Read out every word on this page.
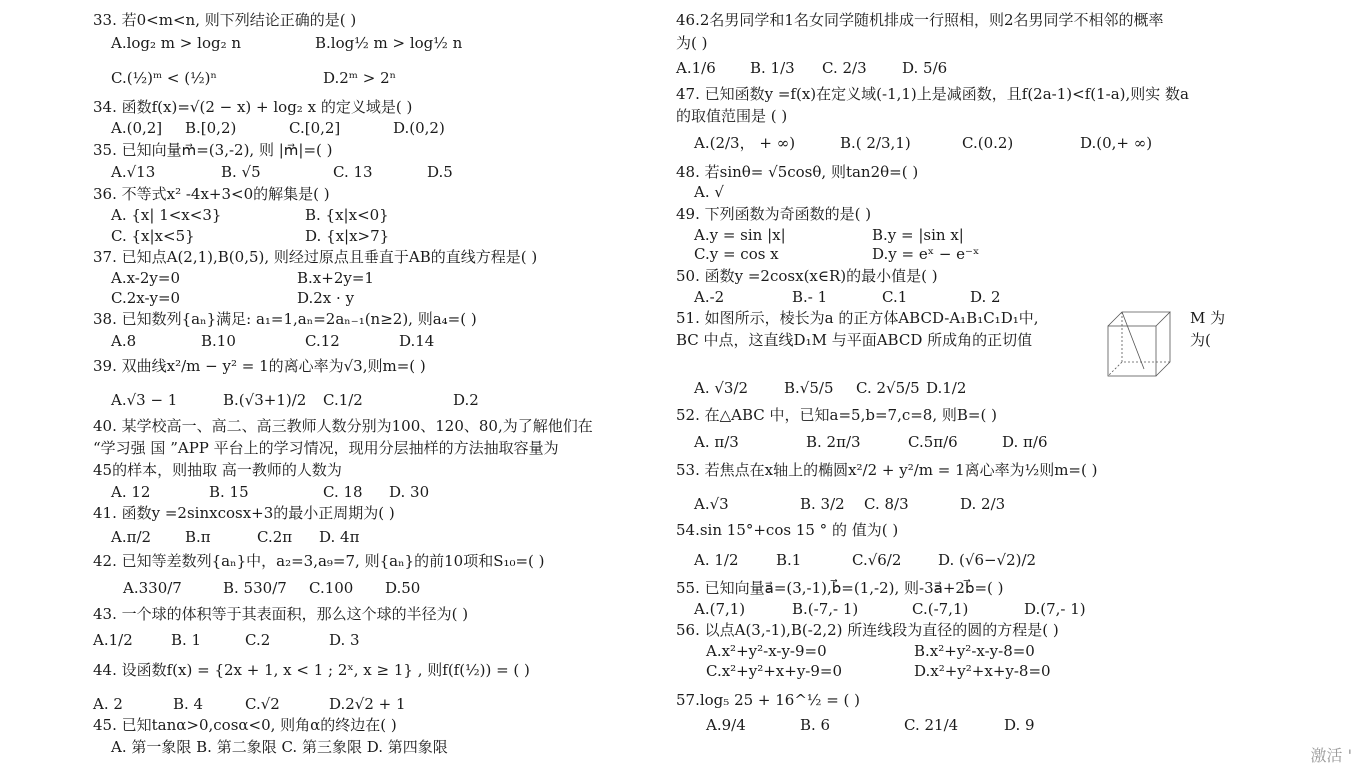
33. 若0<m<n, 则下列结论正确的是( )
A.log₂ m > log₂ n	B.log½ m > log½ n
C.(½)ᵐ < (½)ⁿ	D.2ᵐ > 2ⁿ
34. 函数f(x)=√(2 − x) + log₂ x 的定义域是( )
A.(0,2] B.[0,2)	C.[0,2]	D.(0,2)
35. 已知向量m⃗=(3,-2), 则 |m⃗|=( )
A.√13	B. √5	C. 13	D.5
36. 不等式x² -4x+3<0的解集是( )
A. {x| 1<x<3}	B. {x|x<0}
C. {x|x<5}	D. {x|x>7}
37. 已知点A(2,1),B(0,5), 则经过原点且垂直于AB的直线方程是( )
A.x-2y=0	B.x+2y=1
C.2x-y=0	D.2x · y
38. 已知数列{aₙ}满足: a₁=1,aₙ=2aₙ₋₁(n≥2), 则a₄=( )
A.8	B.10	C.12	D.14
39. 双曲线x²/m − y² = 1的离心率为√3,则m=( )
A.√3 − 1	B.(√3+1)/2 C.1/2	D.2
40. 某学校高一、高二、高三教师人数分别为100、120、80,为了解他们在
“学习强 国 ”APP 平台上的学习情况，现用分层抽样的方法抽取容量为
45的样本，则抽取 高一教师的人数为
A. 12	B. 15	C. 18 D. 30
41. 函数y =2sinxcosx+3的最小正周期为( )
A.π/2 B.π	C.2π D. 4π
42. 已知等差数列{aₙ}中，a₂=3,a₉=7, 则{aₙ}的前10项和S₁₀=( )
A.330/7	B. 530/7 C.100 D.50
43. 一个球的体积等于其表面积，那么这个球的半径为( )
A.1/2	B. 1	C.2	D. 3
44. 设函数f(x) = {2x + 1, x < 1 ; 2ˣ, x ≥ 1} , 则f(f(½)) = ( )
A. 2	B. 4	C.√2	D.2√2 + 1
45. 已知tanα>0,cosα<0, 则角α的终边在( )
A. 第一象限 B. 第二象限 C. 第三象限 D. 第四象限
46.2名男同学和1名女同学随机排成一行照相，则2名男同学不相邻的概率
为( )
A.1/6 B. 1/3 C. 2/3 D. 5/6
47. 已知函数y =f(x)在定义域(-1,1)上是减函数，且f(2a-1)<f(1-a),则实 数a
的取值范围是 ( )
A.(2/3， + ∞)	B.( 2/3,1)	C.(0.2)	D.(0,+ ∞)
48. 若sinθ= √5cosθ, 则tan2θ=( )
A. √
49. 下列函数为奇函数的是( )
A.y = sin |x|	B.y = |sin x|
C.y = cos x	D.y = eˣ − e⁻ˣ
50. 函数y =2cosx(x∈R)的最小值是( )
A.-2	B.- 1	C.1	D. 2
51. 如图所示，棱长为a 的正方体ABCD-A₁B₁C₁D₁中,
BC 中点，这直线D₁M 与平面ABCD 所成角的正切值
M 为
为(
A. √3/2 B.√5/5 C. 2√5/5 D.1/2
52. 在△ABC 中，已知a=5,b=7,c=8, 则B=( )
A. π/3	B. 2π/3	C.5π/6	D. π/6
53. 若焦点在x轴上的椭圆x²/2 + y²/m = 1离心率为½则m=( )
A.√3	B. 3/2 C. 8/3	D. 2/3
54.sin 15°+cos 15 ° 的 值为( )
A. 1/2 B.1	C.√6/2 D. (√6−√2)/2
55. 已知向量a⃗=(3,-1),b⃗=(1,-2), 则-3a⃗+2b⃗=( )
A.(7,1)	B.(-7,- 1)	C.(-7,1)	D.(7,- 1)
56. 以点A(3,-1),B(-2,2) 所连线段为直径的圆的方程是( )
A.x²+y²-x-y-9=0	B.x²+y²-x-y-8=0
C.x²+y²+x+y-9=0	D.x²+y²+x+y-8=0
57.log₅ 25 + 16^½ = ( )
A.9/4	B. 6	C. 21/4	D. 9
激活 '
